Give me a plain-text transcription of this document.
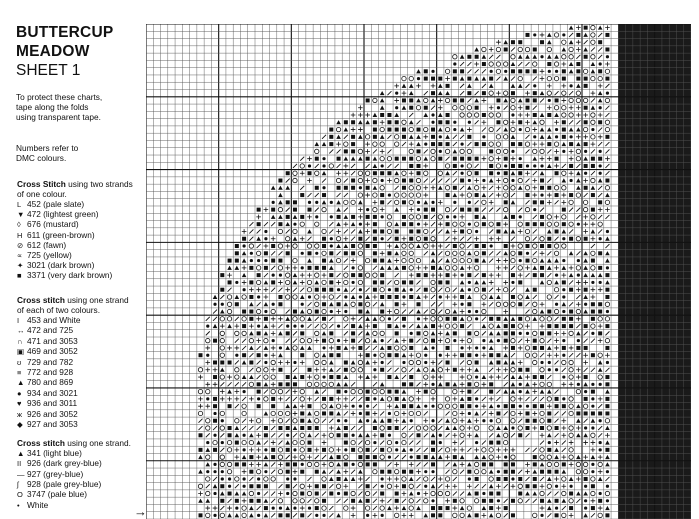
BUTTERCUP
MEADOW
SHEET 1
To protect these charts,
tape along the folds
using transparent tape.
Numbers refer to
DMC colours.
Cross Stitch using two strands
of one colour.
L 452 (pale slate)
▼ 472 (lightest green)
◊ 676 (mustard)
H 611 (green-brown)
⊘ 612 (fawn)
∝ 725 (yellow)
✦ 3021 (dark brown)
■ 3371 (very dark brown)
Cross stitch using one strand
of each of two colours.
I 453 and White
↔ 472 and 725
∩ 471 and 3053
▣ 469 and 3052
ʊ 729 and 782
≡ 772 and 928
▲ 780 and 869
● 934 and 3021
♥ 936 and 3011
ж 926 and 3052
◆ 927 and 3053
Cross stitch using one strand.
▲ 341 (light blue)
II 926 (dark grey-blue)
— 927 (grey-blue)
ʃ 928 (pale grey-blue)
O 3747 (pale blue)
• White	→
